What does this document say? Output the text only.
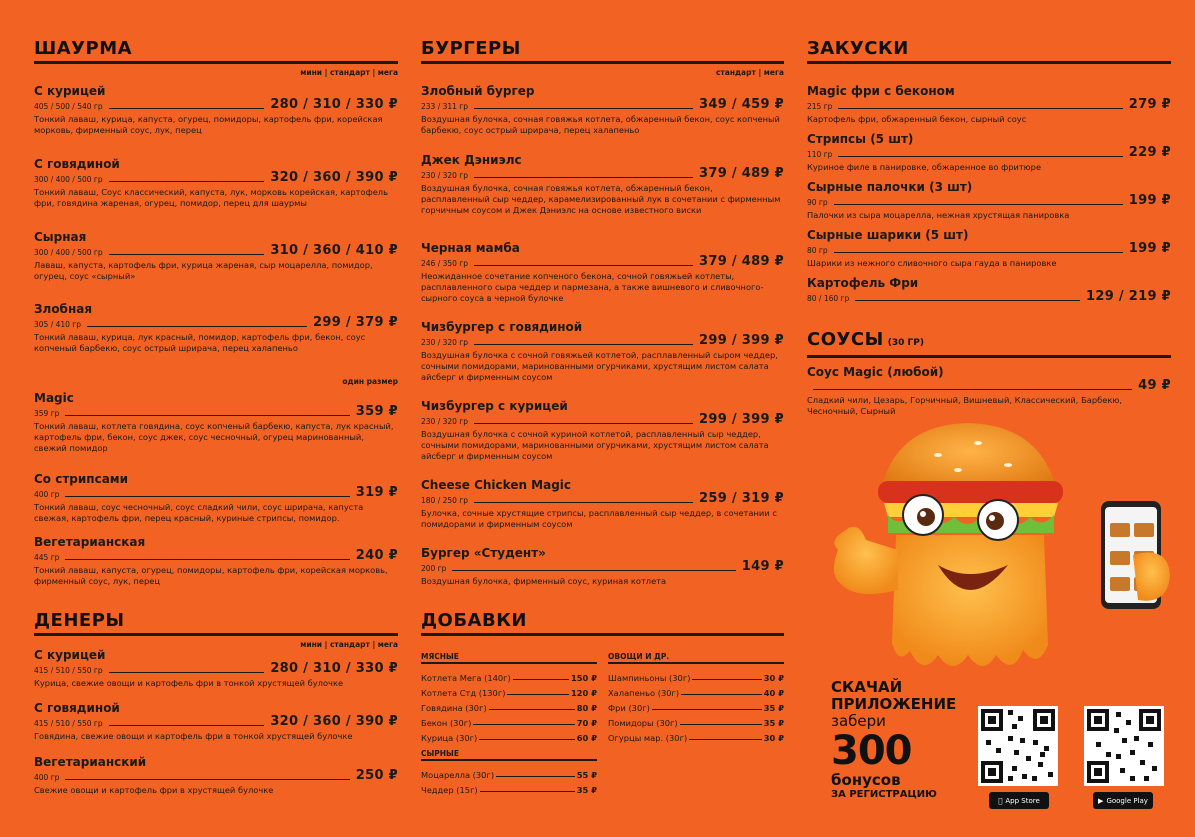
ШАУРМА
мини | стандарт | мега
С курицей
405 / 500 / 540 гр	280 / 310 / 330 ₽
Тонкий лаваш, курица, капуста, огурец, помидоры, картофель фри, корейская морковь, фирменный соус, лук, перец
С говядиной
300 / 400 / 500 гр	320 / 360 / 390 ₽
Тонкий лаваш, Соус классический, капуста, лук, морковь корейская, картофель фри, говядина жареная, огурец, помидор, перец для шаурмы
Сырная
300 / 400 / 500 гр	310 / 360 / 410 ₽
Лаваш, капуста, картофель фри, курица жареная, сыр моцарелла, помидор, огурец, соус «сырный»
Злобная
305 / 410 гр	299 / 379 ₽
Тонкий лаваш, курица, лук красный, помидор, картофель фри, бекон, соус копченый барбекю, соус острый шрирача, перец халапеньо
Magic
359 гр	359 ₽
Тонкий лаваш, котлета говядина, соус копченый барбекю, капуста, лук красный, картофель фри, бекон, соус джек, соус чесночный, огурец маринованный, свежий помидор
Со стрипсами
400 гр	319 ₽
Тонкий лаваш, соус чесночный, соус сладкий чили, соус шрирача, капуста свежая, картофель фри, перец красный, куриные стрипсы, помидор.
Вегетарианская
445 гр	240 ₽
Тонкий лаваш, капуста, огурец, помидоры, картофель фри, корейская морковь, фирменный соус, лук, перец
один размер
ДЕНЕРЫ
мини | стандарт | мега
С курицей
415 / 510 / 550 гр	280 / 310 / 330 ₽
Курица, свежие овощи и картофель фри в тонкой хрустящей булочке
С говядиной
415 / 510 / 550 гр	320 / 360 / 390 ₽
Говядина, свежие овощи и картофель фри в тонкой хрустящей булочке
Вегетарианский
400 гр	250 ₽
Свежие овощи и картофель фри в хрустящей булочке
БУРГЕРЫ
стандарт | мега
Злобный бургер
233 / 311 гр	349 / 459 ₽
Воздушная булочка, сочная говяжья котлета, обжаренный бекон, соус копченый барбекю, соус острый шрирача, перец халапеньо
Джек Дэниэлс
230 / 320 гр	379 / 489 ₽
Воздушная булочка, сочная говяжья котлета, обжаренный бекон, расплавленный сыр чеддер, карамелизированный лук в сочетании с фирменным горчичным соусом и Джек Дэниэлс на основе известного виски
Черная мамба
246 / 350 гр	379 / 489 ₽
Неожиданное сочетание копченого бекона, сочной говяжьей котлеты, расплавленного сыра чеддер и пармезана, а также вишневого и сливочного-сырного соуса в черной булочке
Чизбургер с говядиной
230 / 320 гр	299 / 399 ₽
Воздушная булочка с сочной говяжьей котлетой, расплавленный сыром чеддер, сочными помидорами, маринованными огурчиками, хрустящим листом салата айсберг и фирменным соусом
Чизбургер с курицей
230 / 320 гр	299 / 399 ₽
Воздушная булочка с сочной куриной котлетой, расплавленный сыр чеддер, сочными помидорами, маринованными огурчиками, хрустящим листом салата айсберг и фирменным соусом
Cheese Chicken Magic
180 / 250 гр	259 / 319 ₽
Булочка, сочные хрустящие стрипсы, расплавленный сыр чеддер, в сочетании с помидорами и фирменным соусом
Бургер «Студент»
200 гр	149 ₽
Воздушная булочка, фирменный соус, куриная котлета
ДОБАВКИ
МЯСНЫЕ
Котлета Мега (140г)	150 ₽
Котлета Стд (130г)	120 ₽
Говядина (30г)	80 ₽
Бекон (30г)	70 ₽
Курица (30г)	60 ₽
СЫРНЫЕ
Моцарелла (30г)	55 ₽
Чеддер (15г)	35 ₽
ОВОЩИ И ДР.
Шампиньоны (30г)	30 ₽
Халапеньо (30г)	40 ₽
Фри (30г)	35 ₽
Помидоры (30г)	35 ₽
Огурцы мар. (30г)	30 ₽
ЗАКУСКИ
Magic фри с беконом
215 гр	279 ₽
Картофель фри, обжаренный бекон, сырный соус
Стрипсы (5 шт)
110 гр	229 ₽
Куриное филе в панировке, обжаренное во фритюре
Сырные палочки (3 шт)
90 гр	199 ₽
Палочки из сыра моцарелла, нежная хрустящая панировка
Сырные шарики (5 шт)
80 гр	199 ₽
Шарики из нежного сливочного сыра гауда в панировке
Картофель Фри
80 / 160 гр	129 / 219 ₽
СОУСЫ (30 ГР)
Соус Magic (любой)
49 ₽
Сладкий чили, Цезарь, Горчичный, Вишневый, Классический, Барбекю, Чесночный, Сырный
СКАЧАЙ
ПРИЛОЖЕНИЕ
забери
300
бонусов
ЗА РЕГИСТРАЦИЮ
App Store	▶ Google Play
